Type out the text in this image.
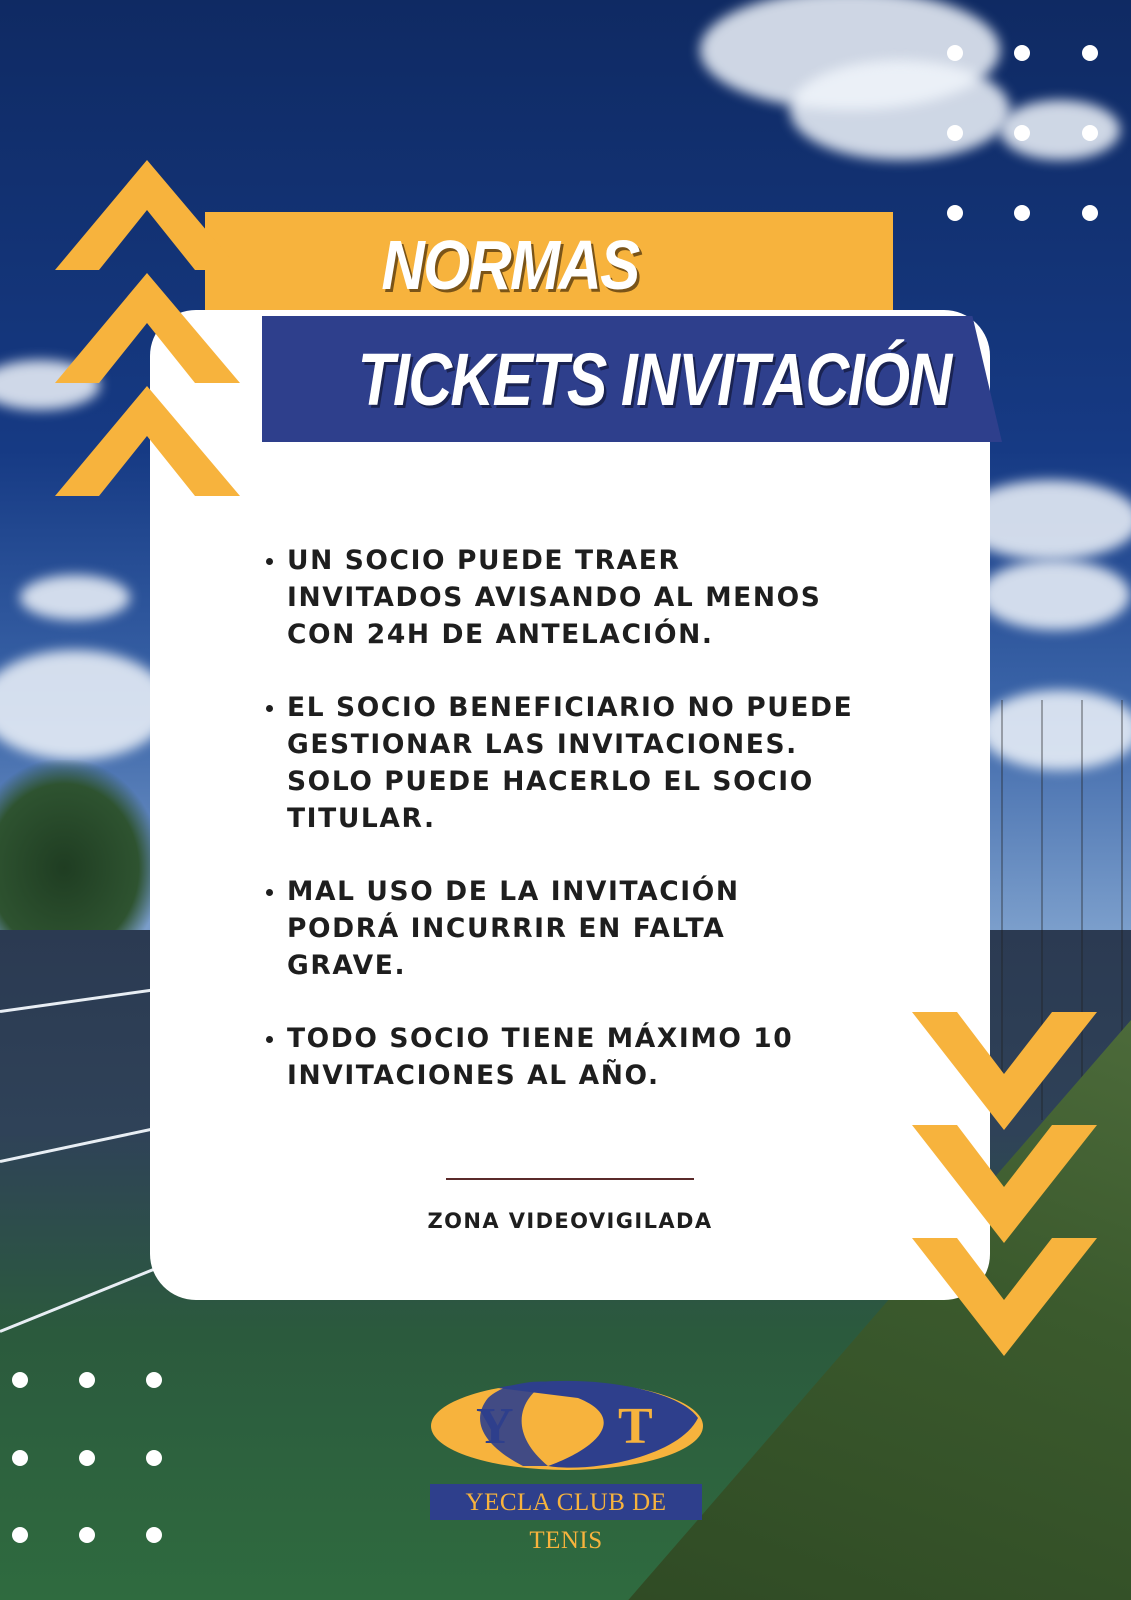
NORMAS
TICKETS INVITACIÓN
UN SOCIO PUEDE TRAER
INVITADOS AVISANDO AL MENOS
CON 24H DE ANTELACIÓN.
EL SOCIO BENEFICIARIO NO PUEDE
GESTIONAR LAS INVITACIONES.
SOLO PUEDE HACERLO EL SOCIO
TITULAR.
MAL USO DE LA INVITACIÓN
PODRÁ INCURRIR EN FALTA
GRAVE.
TODO SOCIO TIENE MÁXIMO 10
INVITACIONES AL AÑO.
ZONA VIDEOVIGILADA
Y T
YECLA CLUB DE TENIS
